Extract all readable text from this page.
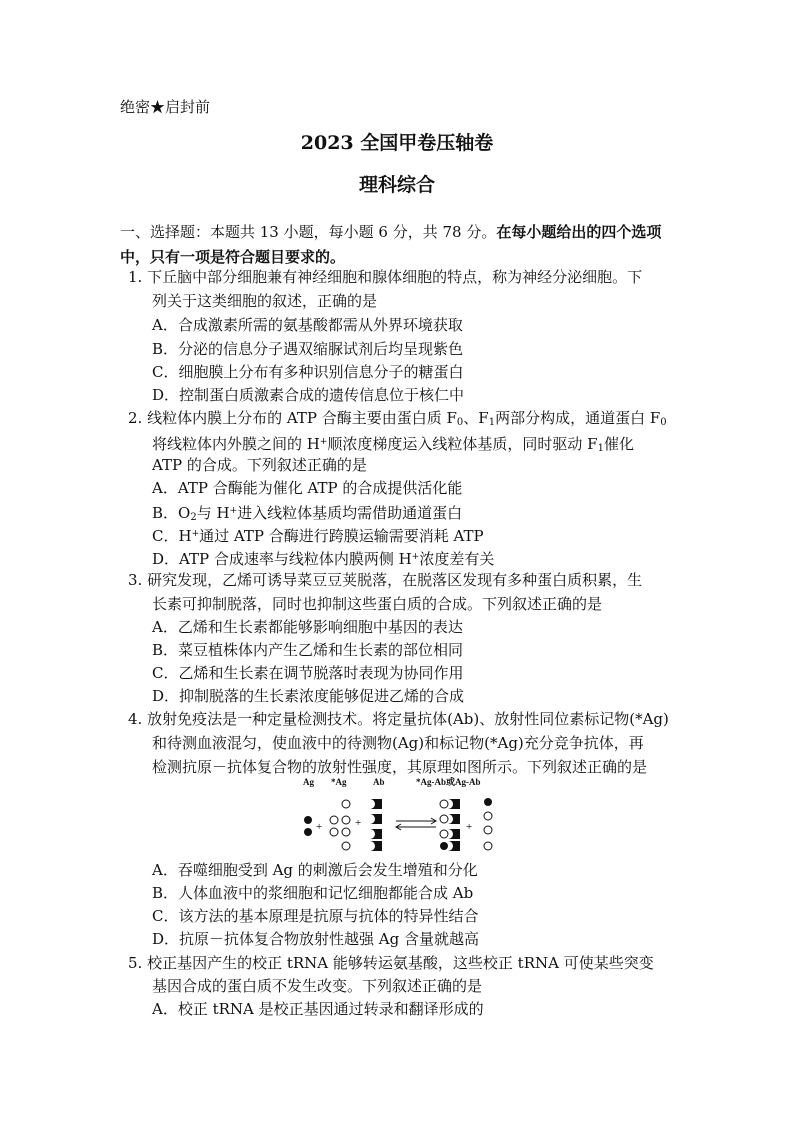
绝密★启封前
2023 全国甲卷压轴卷
理科综合
一、选择题：本题共 13 小题，每小题 6 分，共 78 分。在每小题给出的四个选项中，只有一项是符合题目要求的。
1. 下丘脑中部分细胞兼有神经细胞和腺体细胞的特点，称为神经分泌细胞。下
列关于这类细胞的叙述，正确的是
A．合成激素所需的氨基酸都需从外界环境获取
B．分泌的信息分子遇双缩脲试剂后均呈现紫色
C．细胞膜上分布有多种识别信息分子的糖蛋白
D．控制蛋白质激素合成的遗传信息位于核仁中
2. 线粒体内膜上分布的 ATP 合酶主要由蛋白质 $F_0$、$F_1$两部分构成，通道蛋白 $F_0$
将线粒体内外膜之间的 H+顺浓度梯度运入线粒体基质，同时驱动 $F_1$催化
ATP 的合成。下列叙述正确的是
A．ATP 合酶能为催化 ATP 的合成提供活化能
B．$O_2$与 H+进入线粒体基质均需借助通道蛋白
C．H+通过 ATP 合酶进行跨膜运输需要消耗 ATP
D．ATP 合成速率与线粒体内膜两侧 H+浓度差有关
3. 研究发现，乙烯可诱导菜豆豆荚脱落，在脱落区发现有多种蛋白质积累，生
长素可抑制脱落，同时也抑制这些蛋白质的合成。下列叙述正确的是
A．乙烯和生长素都能够影响细胞中基因的表达
B．菜豆植株体内产生乙烯和生长素的部位相同
C．乙烯和生长素在调节脱落时表现为协同作用
D．抑制脱落的生长素浓度能够促进乙烯的合成
4. 放射免疫法是一种定量检测技术。将定量抗体(Ab)、放射性同位素标记物(*Ag)
和待测血液混匀，使血液中的待测物(Ag)和标记物(*Ag)充分竞争抗体，再
检测抗原－抗体复合物的放射性强度，其原理如图所示。下列叙述正确的是
Ag *Ag	Ab	*Ag-Ab或Ag-Ab
+	+	+
A．吞噬细胞受到 Ag 的刺激后会发生增殖和分化
B．人体血液中的浆细胞和记忆细胞都能合成 Ab
C．该方法的基本原理是抗原与抗体的特异性结合
D．抗原－抗体复合物放射性越强 Ag 含量就越高
5. 校正基因产生的校正 tRNA 能够转运氨基酸，这些校正 tRNA 可使某些突变
基因合成的蛋白质不发生改变。下列叙述正确的是
A．校正 tRNA 是校正基因通过转录和翻译形成的
